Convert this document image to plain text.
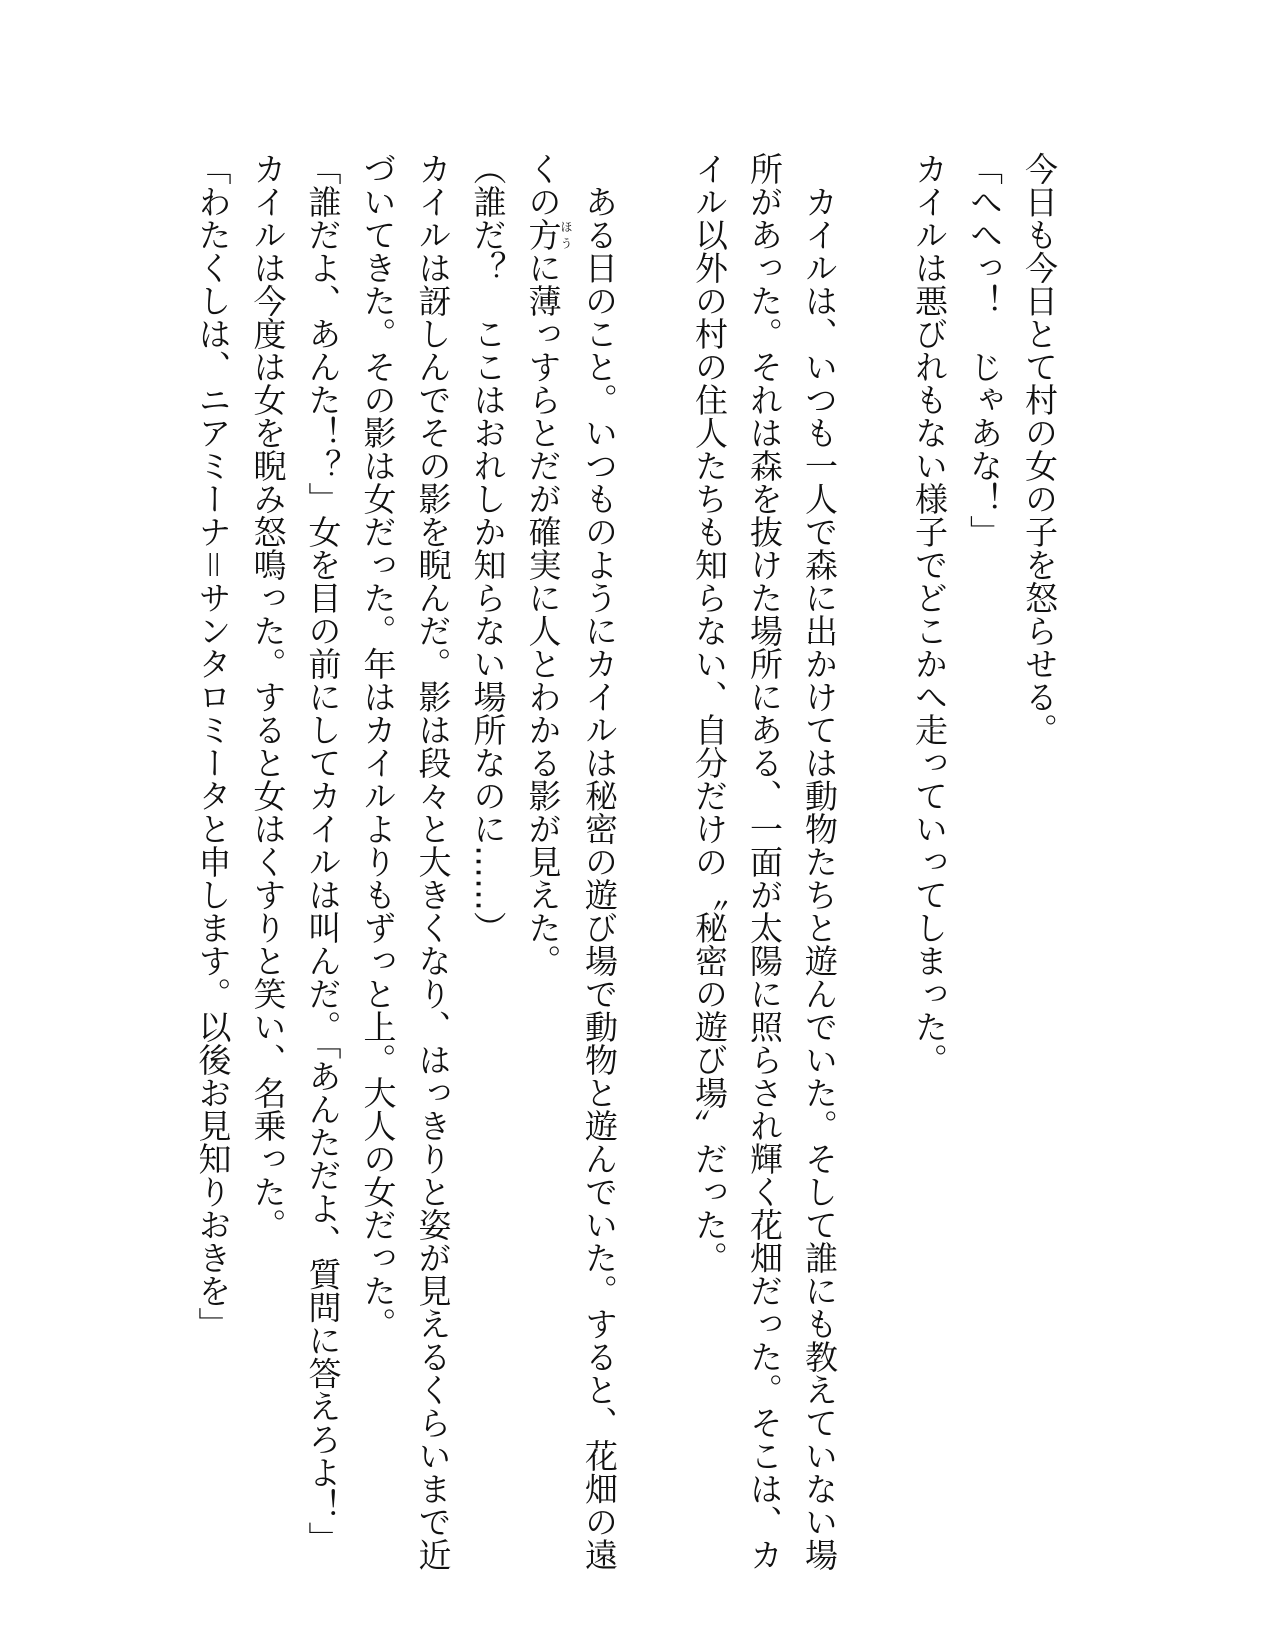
今日も今日とて村の女の子を怒らせる。

「へへっ！　じゃあな！」

カイルは悪びれもない様子でどこかへ走っていってしまった。

　カイルは、いつも一人で森に出かけては動物たちと遊んでいた。そして誰にも教えていない場

所があった。それは森を抜けた場所にある、一面が太陽に照らされ輝く花畑だった。そこは、カ

イル以外の村の住人たちも知らない、自分だけの〝秘密の遊び場〟だった。

　ある日のこと。いつものようにカイルは秘密の遊び場で動物と遊んでいた。すると、花畑の遠

くの方ほうに薄っすらとだが確実に人とわかる影が見えた。

（誰だ？　ここはおれしか知らない場所なのに……）

カイルは訝しんでその影を睨んだ。影は段々と大きくなり、はっきりと姿が見えるくらいまで近

づいてきた。その影は女だった。年はカイルよりもずっと上。大人の女だった。

「誰だよ、あんた！？」女を目の前にしてカイルは叫んだ。「あんただよ、質問に答えろよ！」

カイルは今度は女を睨み怒鳴った。すると女はくすりと笑い、名乗った。

「わたくしは、ニアミーナ＝サンタロミータと申します。以後お見知りおきを」
